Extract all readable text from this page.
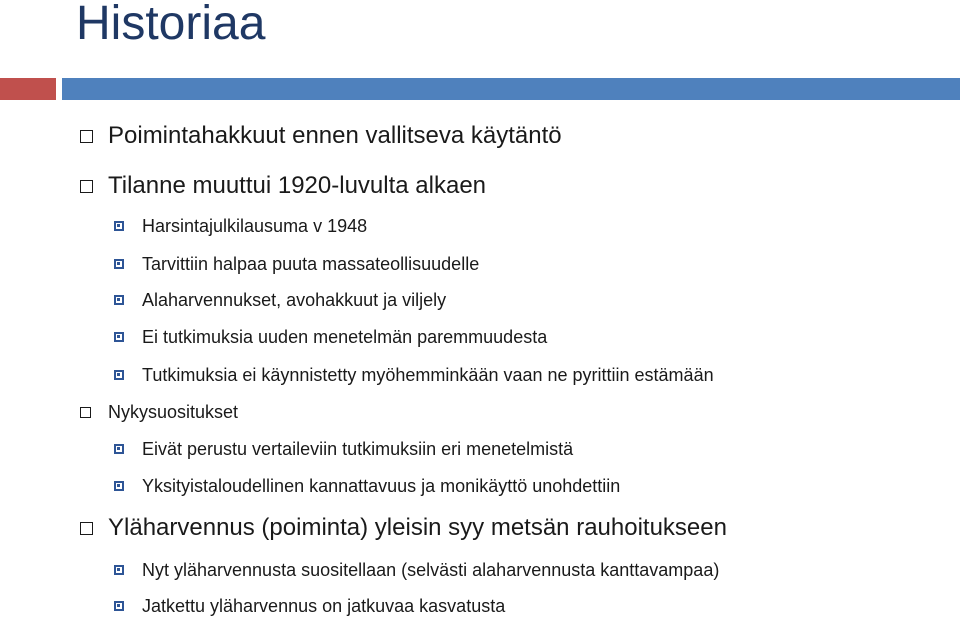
Historiaa
Poimintahakkuut ennen vallitseva käytäntö
Tilanne muuttui 1920-luvulta alkaen
Harsintajulkilausuma v 1948
Tarvittiin halpaa puuta massateollisuudelle
Alaharvennukset, avohakkuut ja viljely
Ei tutkimuksia uuden menetelmän paremmuudesta
Tutkimuksia ei käynnistetty myöhemminkään vaan ne pyrittiin estämään
Nykysuositukset
Eivät perustu vertaileviin tutkimuksiin eri menetelmistä
Yksityistaloudellinen kannattavuus ja monikäyttö unohdettiin
Yläharvennus (poiminta) yleisin syy metsän rauhoitukseen
Nyt yläharvennusta suositellaan (selvästi alaharvennusta kanttavampaa)
Jatkettu yläharvennus on jatkuvaa kasvatusta
